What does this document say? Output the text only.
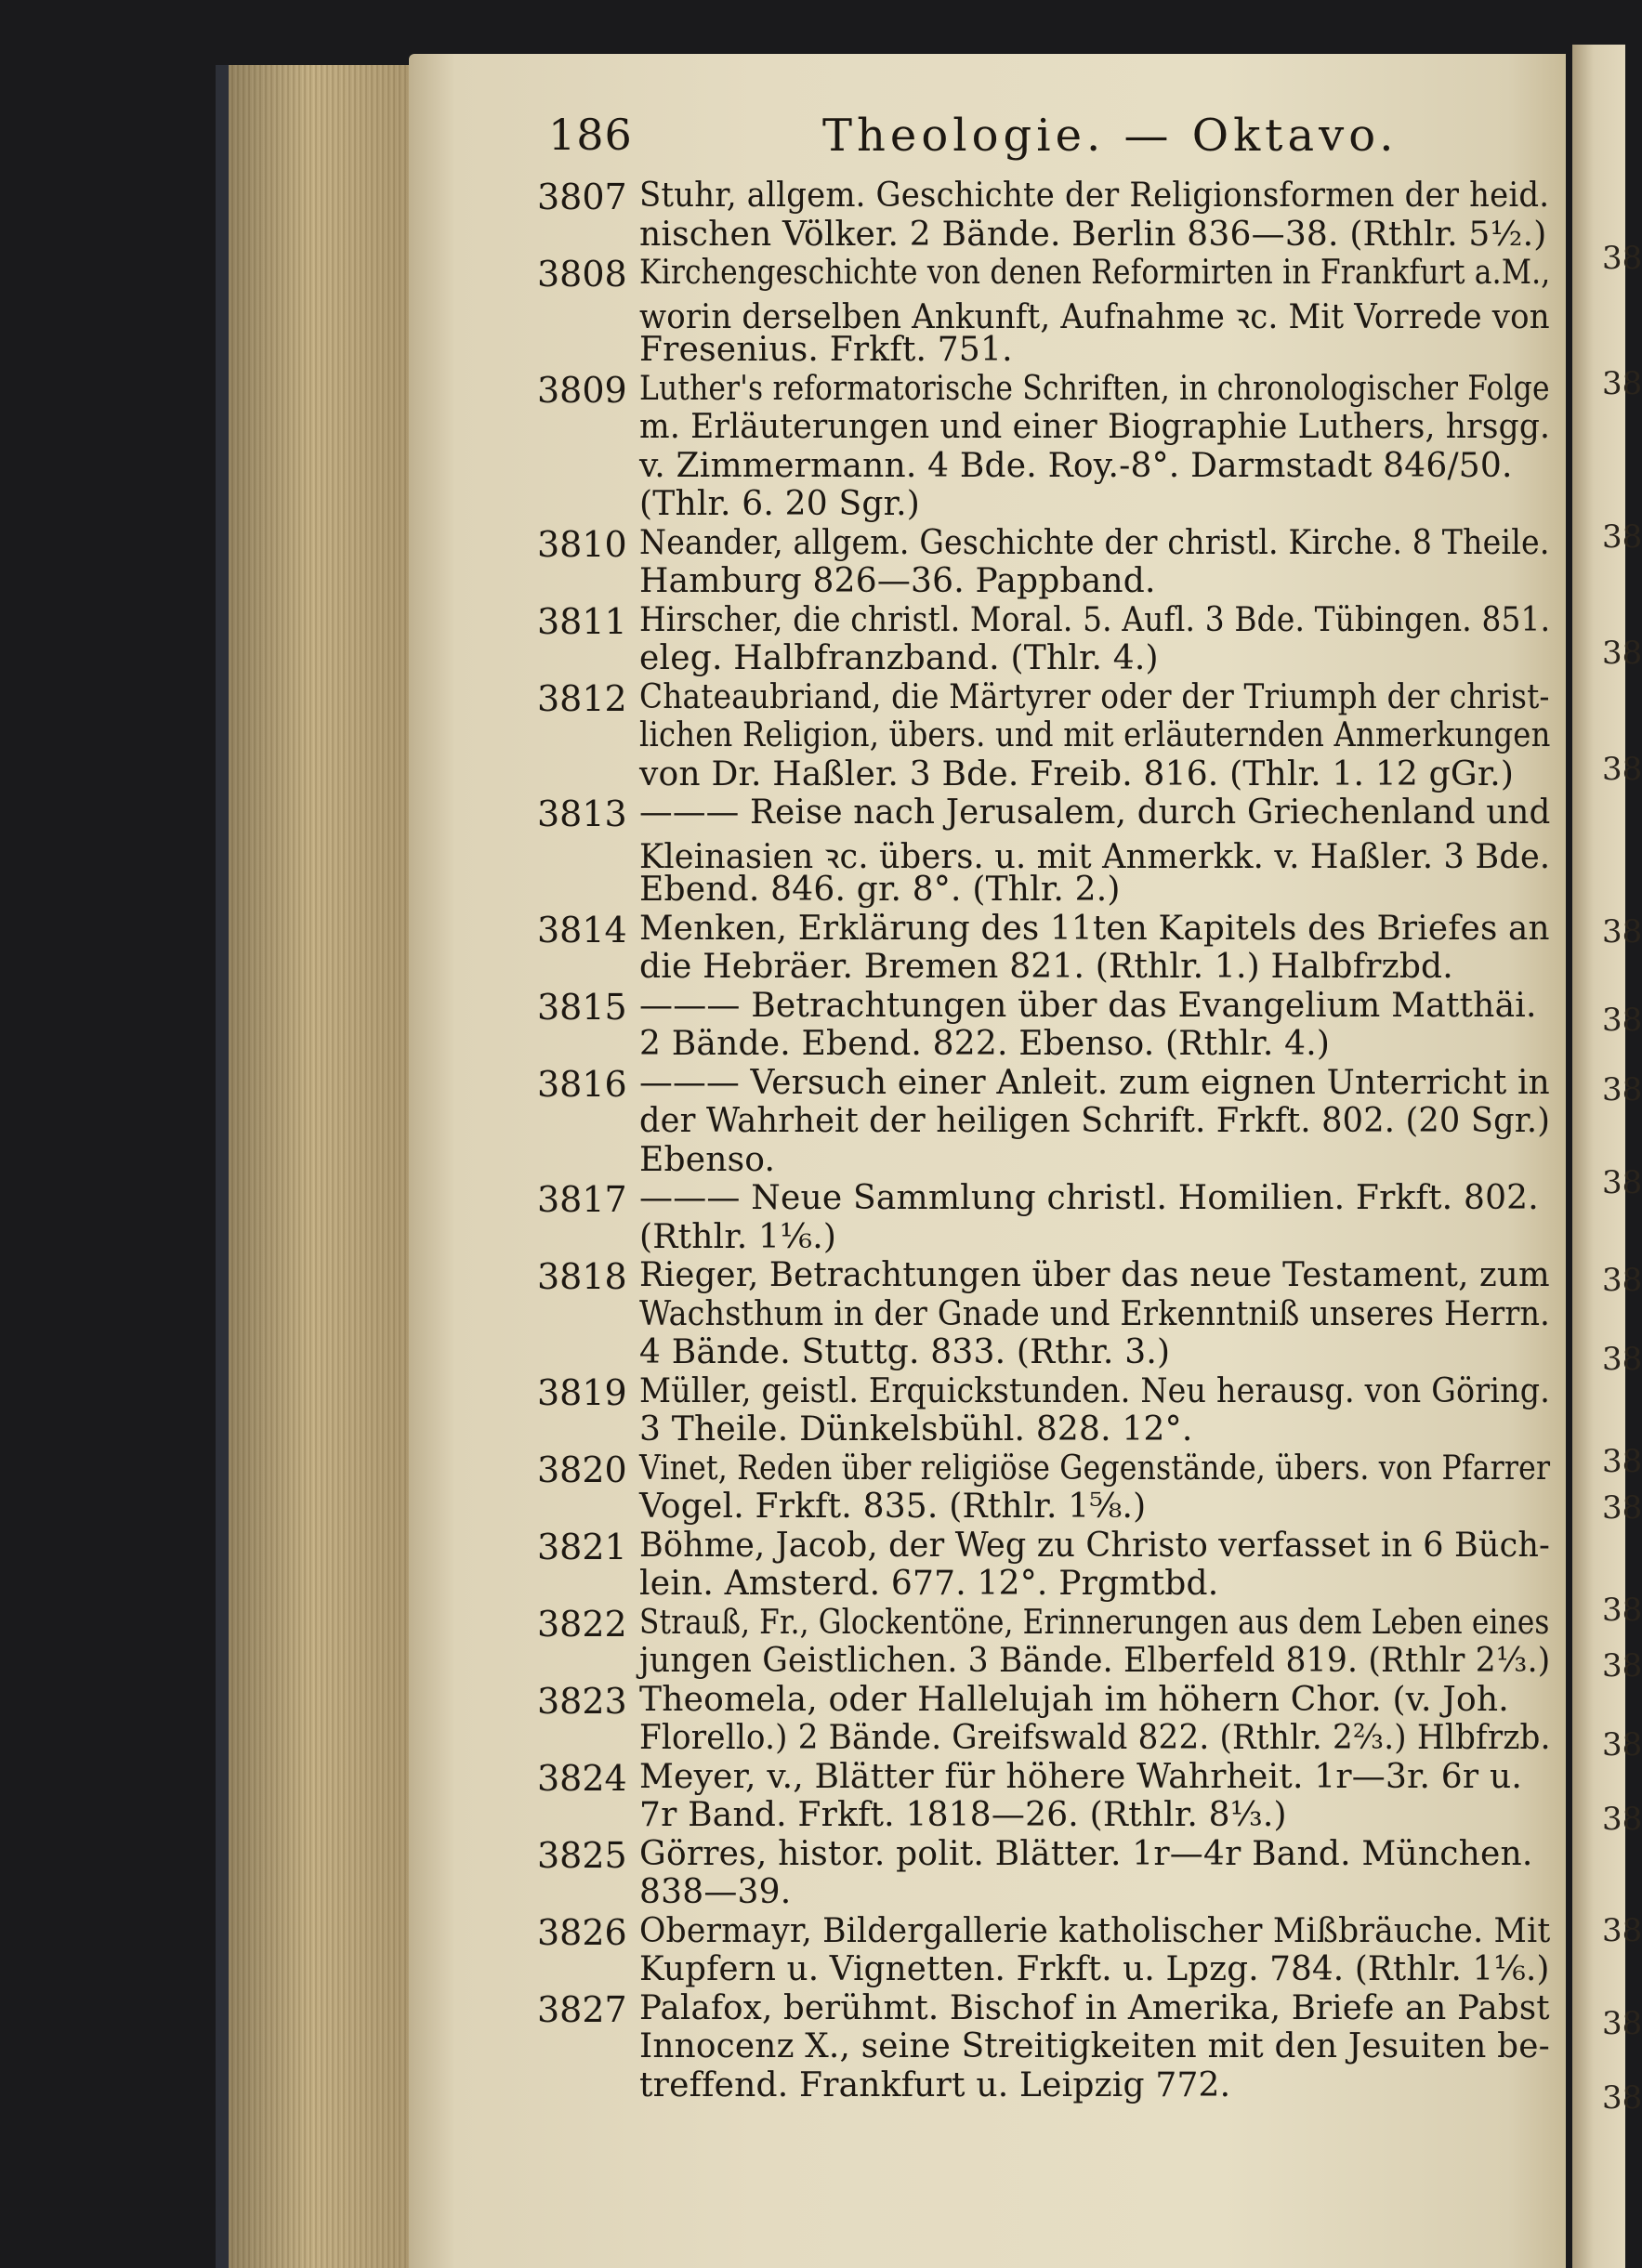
38
38
38
38
38
38
38
38
38
38
38
38
38
38
38
38
38
38
38
38
186	Theologie. — Oktavo.
3807 Stuhr, allgem. Geschichte der Religionsformen der heid.
nischen Völker. 2 Bände. Berlin 836—38. (Rthlr. 5½.)
3808 Kirchengeschichte von denen Reformirten in Frankfurt a.M.,
worin derselben Ankunft, Aufnahme ꝛc. Mit Vorrede von
Fresenius. Frkft. 751.
3809 Luther's reformatorische Schriften, in chronologischer Folge
m. Erläuterungen und einer Biographie Luthers, hrsgg.
v. Zimmermann. 4 Bde. Roy.-8°. Darmstadt 846/50.
(Thlr. 6. 20 Sgr.)
3810 Neander, allgem. Geschichte der christl. Kirche. 8 Theile.
Hamburg 826—36. Pappband.
3811 Hirscher, die christl. Moral. 5. Aufl. 3 Bde. Tübingen. 851.
eleg. Halbfranzband. (Thlr. 4.)
3812 Chateaubriand, die Märtyrer oder der Triumph der christ-
lichen Religion, übers. und mit erläuternden Anmerkungen
von Dr. Haßler. 3 Bde. Freib. 816. (Thlr. 1. 12 gGr.)
3813 ——— Reise nach Jerusalem, durch Griechenland und
Kleinasien ꝛc. übers. u. mit Anmerkk. v. Haßler. 3 Bde.
Ebend. 846. gr. 8°. (Thlr. 2.)
3814 Menken, Erklärung des 11ten Kapitels des Briefes an
die Hebräer. Bremen 821. (Rthlr. 1.) Halbfrzbd.
3815 ——— Betrachtungen über das Evangelium Matthäi.
2 Bände. Ebend. 822. Ebenso. (Rthlr. 4.)
3816 ——— Versuch einer Anleit. zum eignen Unterricht in
der Wahrheit der heiligen Schrift. Frkft. 802. (20 Sgr.)
Ebenso.
3817 ——— Neue Sammlung christl. Homilien. Frkft. 802.
(Rthlr. 1⅙.)
3818 Rieger, Betrachtungen über das neue Testament, zum
Wachsthum in der Gnade und Erkenntniß unseres Herrn.
4 Bände. Stuttg. 833. (Rthr. 3.)
3819 Müller, geistl. Erquickstunden. Neu herausg. von Göring.
3 Theile. Dünkelsbühl. 828. 12°.
3820 Vinet, Reden über religiöse Gegenstände, übers. von Pfarrer
Vogel. Frkft. 835. (Rthlr. 1⅝.)
3821 Böhme, Jacob, der Weg zu Christo verfasset in 6 Büch-
lein. Amsterd. 677. 12°. Prgmtbd.
3822 Strauß, Fr., Glockentöne, Erinnerungen aus dem Leben eines
jungen Geistlichen. 3 Bände. Elberfeld 819. (Rthlr 2⅓.)
3823 Theomela, oder Hallelujah im höhern Chor. (v. Joh.
Florello.) 2 Bände. Greifswald 822. (Rthlr. 2⅔.) Hlbfrzb.
3824 Meyer, v., Blätter für höhere Wahrheit. 1r—3r. 6r u.
7r Band. Frkft. 1818—26. (Rthlr. 8⅓.)
3825 Görres, histor. polit. Blätter. 1r—4r Band. München.
838—39.
3826 Obermayr, Bildergallerie katholischer Mißbräuche. Mit
Kupfern u. Vignetten. Frkft. u. Lpzg. 784. (Rthlr. 1⅙.)
3827 Palafox, berühmt. Bischof in Amerika, Briefe an Pabst
Innocenz X., seine Streitigkeiten mit den Jesuiten be-
treffend. Frankfurt u. Leipzig 772.
